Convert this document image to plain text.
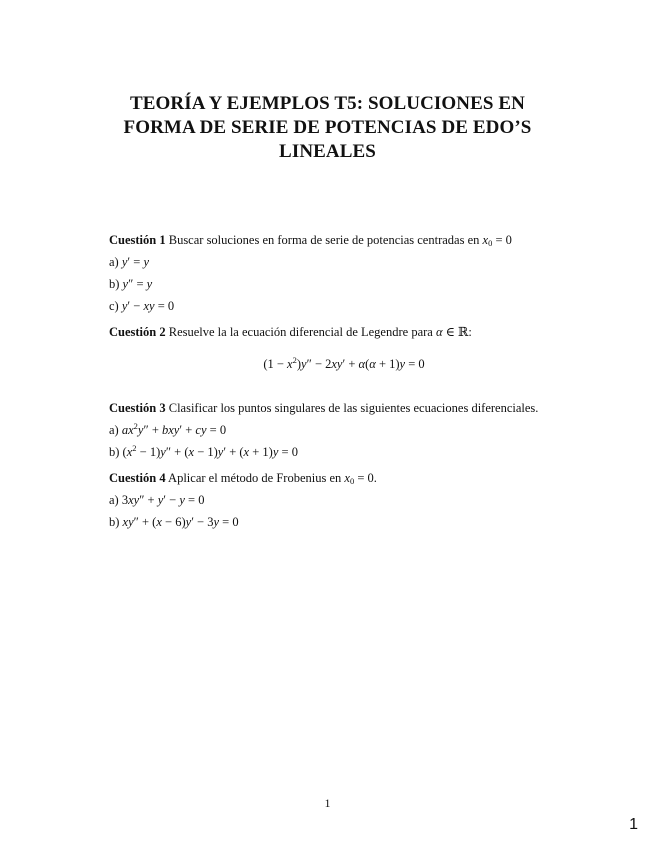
TEORÍA Y EJEMPLOS T5: SOLUCIONES EN
FORMA DE SERIE DE POTENCIAS DE EDO’S
LINEALES
Cuestión 1 Buscar soluciones en forma de serie de potencias centradas en $x_0 = 0$
a) y′ = y
b) y″ = y
c) y′ − xy = 0
Cuestión 2 Resuelve la la ecuación diferencial de Legendre para α ∈ ℝ:
$(1 - x^2)y'' - 2xy' + \alpha(\alpha + 1)y = 0$
Cuestión 3 Clasificar los puntos singulares de las siguientes ecuaciones diferenciales.
a) $ax^2y'' + bxy'$ + cy = 0
b) $(x^2 - 1)y'' + (x - 1)y' + (x + 1)y = 0$
Cuestión 4 Aplicar el método de Frobenius en $x_0 = 0$.
a) 3xy″ + y′ − y = 0
b) xy″ + (x − 6)y′ − 3y = 0
1
1
